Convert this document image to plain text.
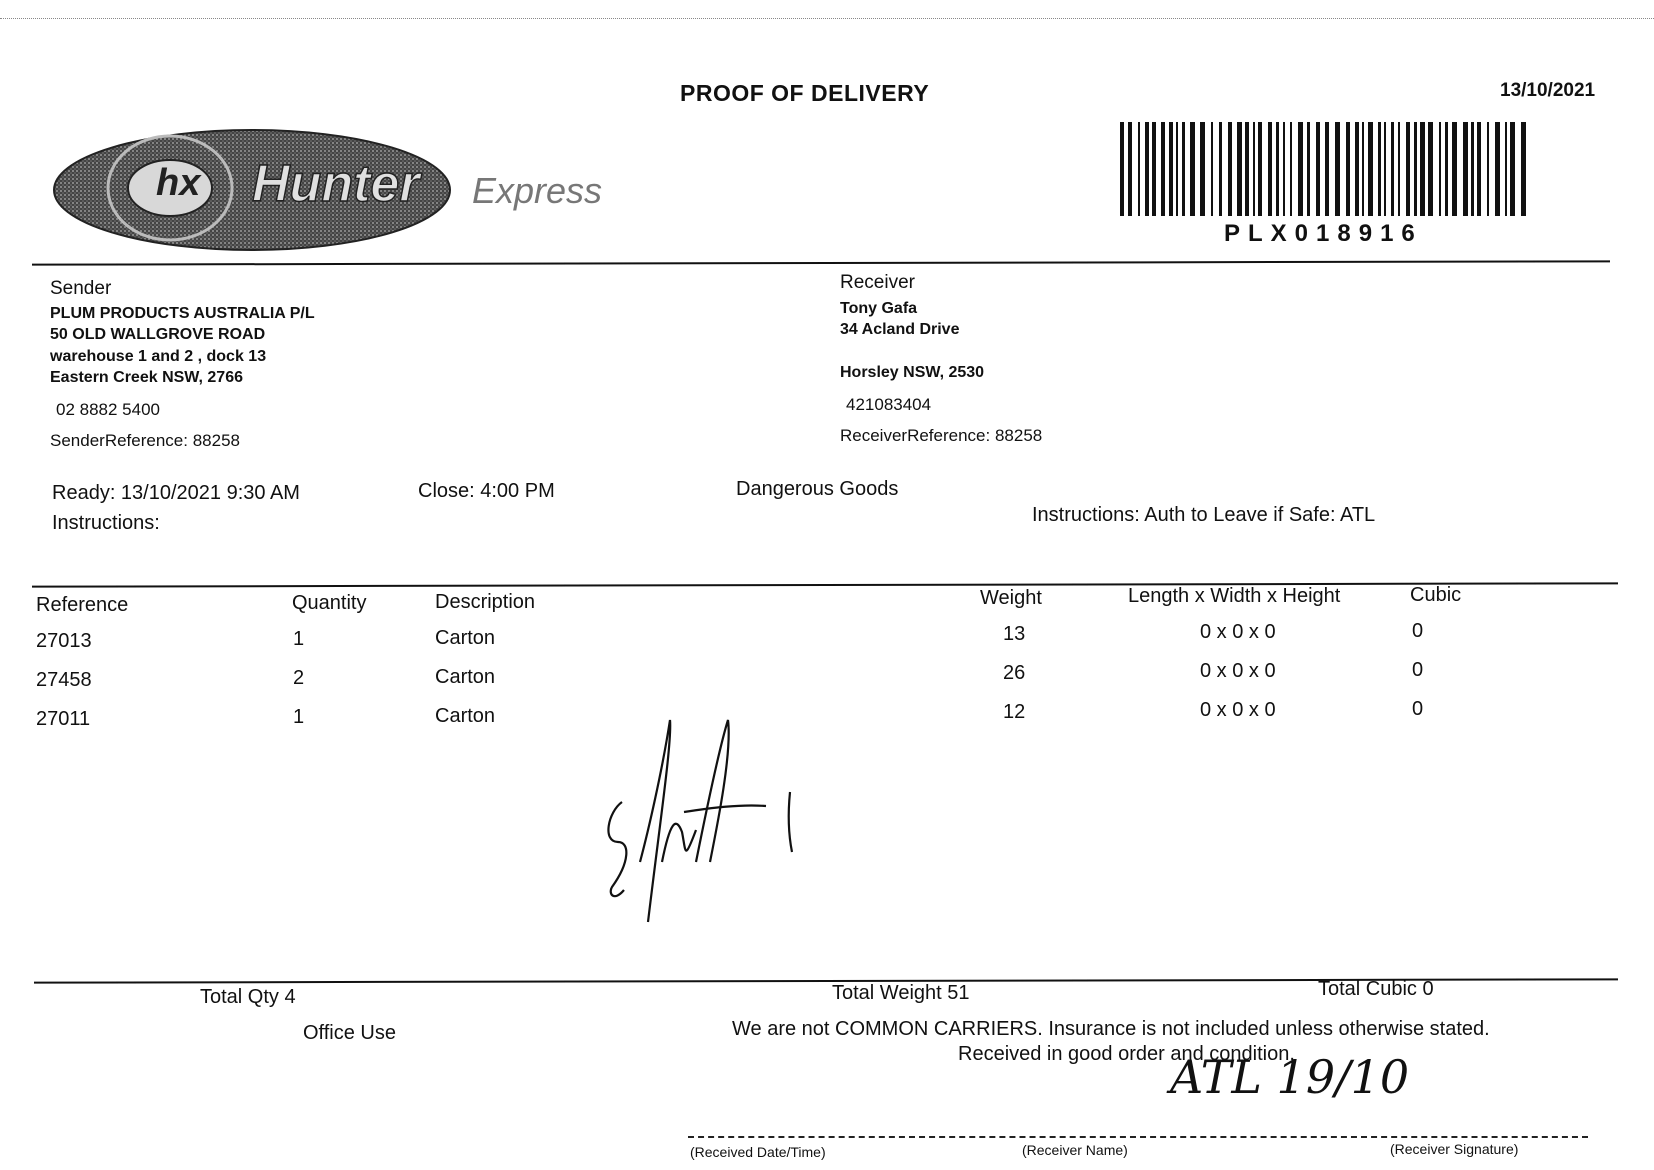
PROOF OF DELIVERY	13/10/2021
hx Hunter Express
PLX018916
Sender
PLUM PRODUCTS AUSTRALIA P/L
50 OLD WALLGROVE ROAD
warehouse 1 and 2 , dock 13
Eastern Creek NSW, 2766
02 8882 5400
SenderReference: 88258
Receiver
Tony Gafa
34 Acland Drive
Horsley NSW, 2530
421083404
ReceiverReference: 88258
Ready: 13/10/2021 9:30 AM	Close: 4:00 PM	Dangerous Goods
Instructions:	Instructions: Auth to Leave if Safe: ATL
Reference	Quantity	Description	Weight	Length x Width x Height	Cubic
27013	1	Carton	13	0 x 0 x 0	0
27458	2	Carton	26	0 x 0 x 0	0
27011	1	Carton	12	0 x 0 x 0	0
Total Qty 4	Total Weight 51	Total Cubic 0
Office Use	We are not COMMON CARRIERS. Insurance is not included unless otherwise stated.
Received in good order and condition.
ATL 19/10
(Received Date/Time)	(Receiver Name)	(Receiver Signature)
